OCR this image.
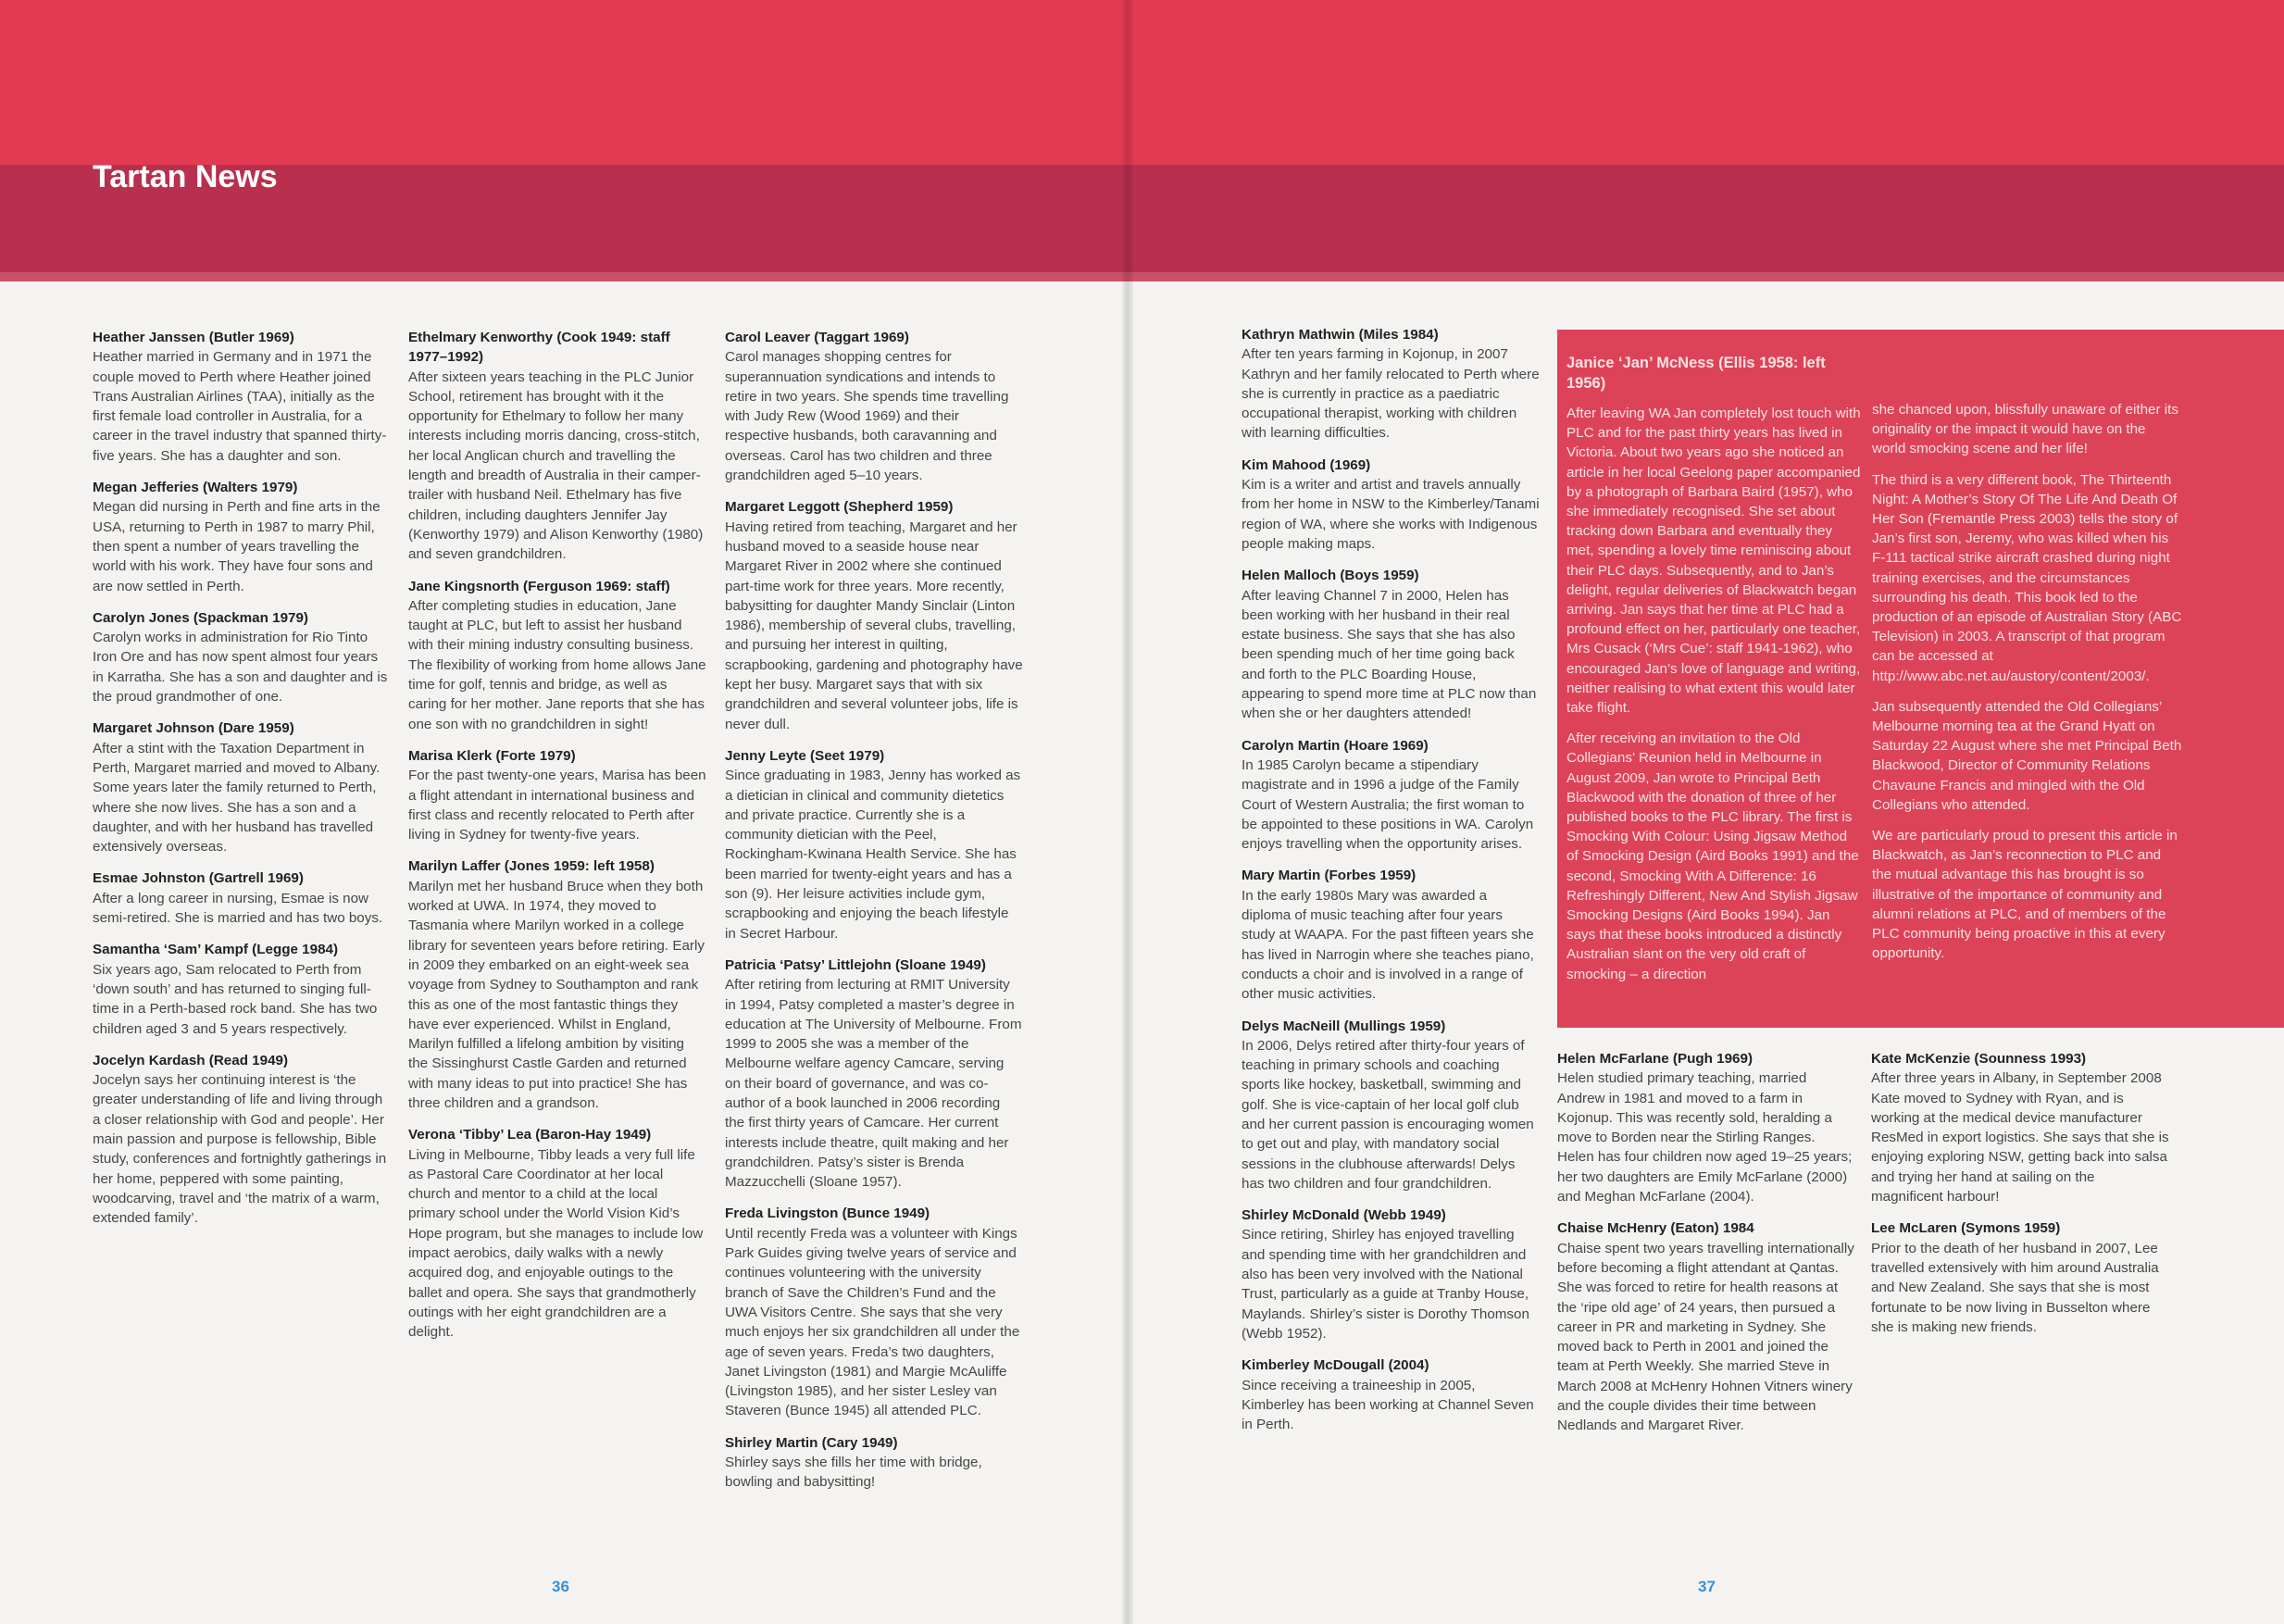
Tartan News
Heather Janssen (Butler 1969)
Heather married in Germany and in 1971 the couple moved to Perth where Heather joined Trans Australian Airlines (TAA), initially as the first female load controller in Australia, for a career in the travel industry that spanned thirty-five years. She has a daughter and son.
Megan Jefferies (Walters 1979)
Megan did nursing in Perth and fine arts in the USA, returning to Perth in 1987 to marry Phil, then spent a number of years travelling the world with his work. They have four sons and are now settled in Perth.
Carolyn Jones (Spackman 1979)
Carolyn works in administration for Rio Tinto Iron Ore and has now spent almost four years in Karratha. She has a son and daughter and is the proud grandmother of one.
Margaret Johnson (Dare 1959)
After a stint with the Taxation Department in Perth, Margaret married and moved to Albany. Some years later the family returned to Perth, where she now lives. She has a son and a daughter, and with her husband has travelled extensively overseas.
Esmae Johnston (Gartrell 1969)
After a long career in nursing, Esmae is now semi-retired. She is married and has two boys.
Samantha ‘Sam’ Kampf (Legge 1984)
Six years ago, Sam relocated to Perth from ‘down south’ and has returned to singing full-time in a Perth-based rock band. She has two children aged 3 and 5 years respectively.
Jocelyn Kardash (Read 1949)
Jocelyn says her continuing interest is ‘the greater understanding of life and living through a closer relationship with God and people’. Her main passion and purpose is fellowship, Bible study, conferences and fortnightly gatherings in her home, peppered with some painting, woodcarving, travel and ‘the matrix of a warm, extended family’.
Ethelmary Kenworthy (Cook 1949: staff 1977–1992)
After sixteen years teaching in the PLC Junior School, retirement has brought with it the opportunity for Ethelmary to follow her many interests including morris dancing, cross-stitch, her local Anglican church and travelling the length and breadth of Australia in their camper-trailer with husband Neil. Ethelmary has five children, including daughters Jennifer Jay (Kenworthy 1979) and Alison Kenworthy (1980) and seven grandchildren.
Jane Kingsnorth (Ferguson 1969: staff)
After completing studies in education, Jane taught at PLC, but left to assist her husband with their mining industry consulting business. The flexibility of working from home allows Jane time for golf, tennis and bridge, as well as caring for her mother. Jane reports that she has one son with no grandchildren in sight!
Marisa Klerk (Forte 1979)
For the past twenty-one years, Marisa has been a flight attendant in international business and first class and recently relocated to Perth after living in Sydney for twenty-five years.
Marilyn Laffer (Jones 1959: left 1958)
Marilyn met her husband Bruce when they both worked at UWA. In 1974, they moved to Tasmania where Marilyn worked in a college library for seventeen years before retiring. Early in 2009 they embarked on an eight-week sea voyage from Sydney to Southampton and rank this as one of the most fantastic things they have ever experienced. Whilst in England, Marilyn fulfilled a lifelong ambition by visiting the Sissinghurst Castle Garden and returned with many ideas to put into practice! She has three children and a grandson.
Verona ‘Tibby’ Lea (Baron-Hay 1949)
Living in Melbourne, Tibby leads a very full life as Pastoral Care Coordinator at her local church and mentor to a child at the local primary school under the World Vision Kid’s Hope program, but she manages to include low impact aerobics, daily walks with a newly acquired dog, and enjoyable outings to the ballet and opera. She says that grandmotherly outings with her eight grandchildren are a delight.
Carol Leaver (Taggart 1969)
Carol manages shopping centres for superannuation syndications and intends to retire in two years. She spends time travelling with Judy Rew (Wood 1969) and their respective husbands, both caravanning and overseas. Carol has two children and three grandchildren aged 5–10 years.
Margaret Leggott (Shepherd 1959)
Having retired from teaching, Margaret and her husband moved to a seaside house near Margaret River in 2002 where she continued part-time work for three years. More recently, babysitting for daughter Mandy Sinclair (Linton 1986), membership of several clubs, travelling, and pursuing her interest in quilting, scrapbooking, gardening and photography have kept her busy. Margaret says that with six grandchildren and several volunteer jobs, life is never dull.
Jenny Leyte (Seet 1979)
Since graduating in 1983, Jenny has worked as a dietician in clinical and community dietetics and private practice. Currently she is a community dietician with the Peel, Rockingham-Kwinana Health Service. She has been married for twenty-eight years and has a son (9). Her leisure activities include gym, scrapbooking and enjoying the beach lifestyle in Secret Harbour.
Patricia ‘Patsy’ Littlejohn (Sloane 1949)
After retiring from lecturing at RMIT University in 1994, Patsy completed a master’s degree in education at The University of Melbourne. From 1999 to 2005 she was a member of the Melbourne welfare agency Camcare, serving on their board of governance, and was co-author of a book launched in 2006 recording the first thirty years of Camcare. Her current interests include theatre, quilt making and her grandchildren. Patsy’s sister is Brenda Mazzucchelli (Sloane 1957).
Freda Livingston (Bunce 1949)
Until recently Freda was a volunteer with Kings Park Guides giving twelve years of service and continues volunteering with the university branch of Save the Children’s Fund and the UWA Visitors Centre. She says that she very much enjoys her six grandchildren all under the age of seven years. Freda’s two daughters, Janet Livingston (1981) and Margie McAuliffe (Livingston 1985), and her sister Lesley van Staveren (Bunce 1945) all attended PLC.
Shirley Martin (Cary 1949)
Shirley says she fills her time with bridge, bowling and babysitting!
Kathryn Mathwin (Miles 1984)
After ten years farming in Kojonup, in 2007 Kathryn and her family relocated to Perth where she is currently in practice as a paediatric occupational therapist, working with children with learning difficulties.
Kim Mahood (1969)
Kim is a writer and artist and travels annually from her home in NSW to the Kimberley/Tanami region of WA, where she works with Indigenous people making maps.
Helen Malloch (Boys 1959)
After leaving Channel 7 in 2000, Helen has been working with her husband in their real estate business. She says that she has also been spending much of her time going back and forth to the PLC Boarding House, appearing to spend more time at PLC now than when she or her daughters attended!
Carolyn Martin (Hoare 1969)
In 1985 Carolyn became a stipendiary magistrate and in 1996 a judge of the Family Court of Western Australia; the first woman to be appointed to these positions in WA. Carolyn enjoys travelling when the opportunity arises.
Mary Martin (Forbes 1959)
In the early 1980s Mary was awarded a diploma of music teaching after four years study at WAAPA. For the past fifteen years she has lived in Narrogin where she teaches piano, conducts a choir and is involved in a range of other music activities.
Delys MacNeill (Mullings 1959)
In 2006, Delys retired after thirty-four years of teaching in primary schools and coaching sports like hockey, basketball, swimming and golf. She is vice-captain of her local golf club and her current passion is encouraging women to get out and play, with mandatory social sessions in the clubhouse afterwards! Delys has two children and four grandchildren.
Shirley McDonald (Webb 1949)
Since retiring, Shirley has enjoyed travelling and spending time with her grandchildren and also has been very involved with the National Trust, particularly as a guide at Tranby House, Maylands. Shirley’s sister is Dorothy Thomson (Webb 1952).
Kimberley McDougall (2004)
Since receiving a traineeship in 2005, Kimberley has been working at Channel Seven in Perth.
Janice ‘Jan’ McNess (Ellis 1958: left 1956)

After leaving WA Jan completely lost touch with PLC and for the past thirty years has lived in Victoria. About two years ago she noticed an article in her local Geelong paper accompanied by a photograph of Barbara Baird (1957), who she immediately recognised. She set about tracking down Barbara and eventually they met, spending a lovely time reminiscing about their PLC days. Subsequently, and to Jan’s delight, regular deliveries of Blackwatch began arriving. Jan says that her time at PLC had a profound effect on her, particularly one teacher, Mrs Cusack (‘Mrs Cue’: staff 1941-1962), who encouraged Jan’s love of language and writing, neither realising to what extent this would later take flight.

After receiving an invitation to the Old Collegians’ Reunion held in Melbourne in August 2009, Jan wrote to Principal Beth Blackwood with the donation of three of her published books to the PLC library. The first is Smocking With Colour: Using Jigsaw Method of Smocking Design (Aird Books 1991) and the second, Smocking With A Difference: 16 Refreshingly Different, New And Stylish Jigsaw Smocking Designs (Aird Books 1994). Jan says that these books introduced a distinctly Australian slant on the very old craft of smocking – a direction

she chanced upon, blissfully unaware of either its originality or the impact it would have on the world smocking scene and her life!

The third is a very different book, The Thirteenth Night: A Mother’s Story Of The Life And Death Of Her Son (Fremantle Press 2003) tells the story of Jan’s first son, Jeremy, who was killed when his F-111 tactical strike aircraft crashed during night training exercises, and the circumstances surrounding his death. This book led to the production of an episode of Australian Story (ABC Television) in 2003. A transcript of that program can be accessed at http://www.abc.net.au/austory/content/2003/.

Jan subsequently attended the Old Collegians’ Melbourne morning tea at the Grand Hyatt on Saturday 22 August where she met Principal Beth Blackwood, Director of Community Relations Chavaune Francis and mingled with the Old Collegians who attended.

We are particularly proud to present this article in Blackwatch, as Jan’s reconnection to PLC and the mutual advantage this has brought is so illustrative of the importance of community and alumni relations at PLC, and of members of the PLC community being proactive in this at every opportunity.

Helen McFarlane (Pugh 1969)
Helen studied primary teaching, married Andrew in 1981 and moved to a farm in Kojonup. This was recently sold, heralding a move to Borden near the Stirling Ranges. Helen has four children now aged 19–25 years; her two daughters are Emily McFarlane (2000) and Meghan McFarlane (2004).
Chaise McHenry (Eaton) 1984
Chaise spent two years travelling internationally before becoming a flight attendant at Qantas. She was forced to retire for health reasons at the ‘ripe old age’ of 24 years, then pursued a career in PR and marketing in Sydney. She moved back to Perth in 2001 and joined the team at Perth Weekly. She married Steve in March 2008 at McHenry Hohnen Vitners winery and the couple divides their time between Nedlands and Margaret River.
Kate McKenzie (Sounness 1993)
After three years in Albany, in September 2008 Kate moved to Sydney with Ryan, and is working at the medical device manufacturer ResMed in export logistics. She says that she is enjoying exploring NSW, getting back into salsa and trying her hand at sailing on the magnificent harbour!
Lee McLaren (Symons 1959)
Prior to the death of her husband in 2007, Lee travelled extensively with him around Australia and New Zealand. She says that she is most fortunate to be now living in Busselton where she is making new friends.
36	37
